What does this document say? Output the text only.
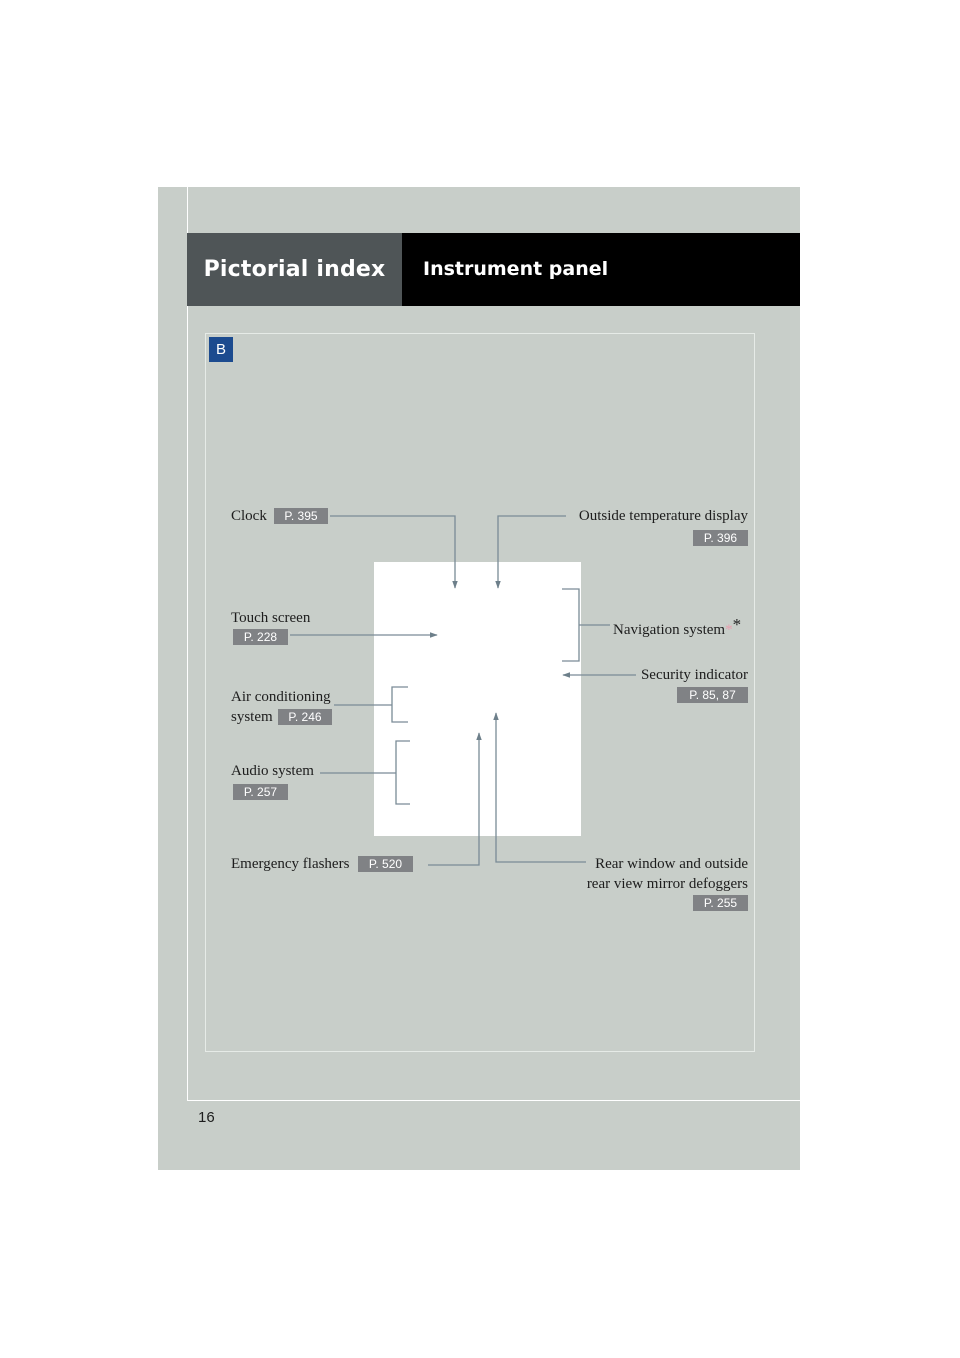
Pictorial index	Instrument panel
B
Clock	P. 395	Outside temperature display
P. 396
Touch screen
P. 228	Navigation system**
Security indicator
P. 85, 87
Air conditioning
system	P. 246
Audio system
P. 257
Emergency flashers	P. 520	Rear window and outside
rear view mirror defoggers
P. 255
16
